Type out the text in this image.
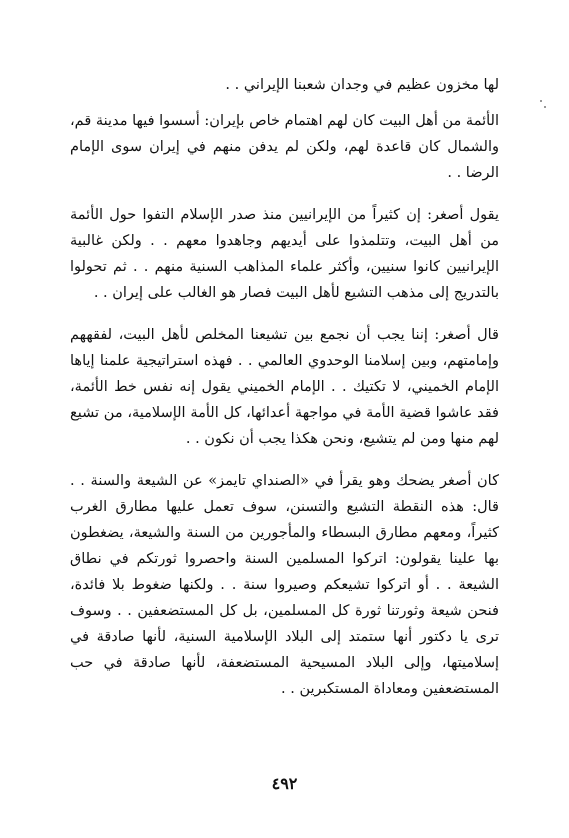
لها مخزون عظيم في وجدان شعبنا الإيراني . .

الأئمة من أهل البيت كان لهم اهتمام خاص بإيران: أسسوا فيها مدينة قم، والشمال كان قاعدة لهم، ولكن لم يدفن منهم في إيران سوى الإمام الرضا . .

يقول أصغر: إن كثيراً من الإيرانيين منذ صدر الإسلام التفوا حول الأئمة من أهل البيت، وتتلمذوا على أيديهم وجاهدوا معهم . . ولكن غالبية الإيرانيين كانوا سنيين، وأكثر علماء المذاهب السنية منهم . . ثم تحولوا بالتدريج إلى مذهب التشيع لأهل البيت فصار هو الغالب على إيران . .

قال أصغر: إننا يجب أن نجمع بين تشيعنا المخلص لأهل البيت، لفقههم وإمامتهم، وبين إسلامنا الوحدوي العالمي . . فهذه استراتيجية علمنا إياها الإمام الخميني، لا تكتيك . . الإمام الخميني يقول إنه نفس خط الأئمة، فقد عاشوا قضية الأمة في مواجهة أعدائها، كل الأمة الإسلامية، من تشيع لهم منها ومن لم يتشيع، ونحن هكذا يجب أن نكون . .

كان أصغر يضحك وهو يقرأ في «الصنداي تايمز» عن الشيعة والسنة . . قال: هذه النقطة التشيع والتسنن، سوف تعمل عليها مطارق الغرب كثيراً، ومعهم مطارق البسطاء والمأجورين من السنة والشيعة، يضغطون بها علينا يقولون: اتركوا المسلمين السنة واحصروا ثورتكم في نطاق الشيعة . . أو اتركوا تشيعكم وصيروا سنة . . ولكنها ضغوط بلا فائدة، فنحن شيعة وثورتنا ثورة كل المسلمين، بل كل المستضعفين . . وسوف ترى يا دكتور أنها ستمتد إلى البلاد الإسلامية السنية، لأنها صادقة في إسلاميتها، وإلى البلاد المسيحية المستضعفة، لأنها صادقة في حب المستضعفين ومعاداة المستكبرين . .

٤٩٢
